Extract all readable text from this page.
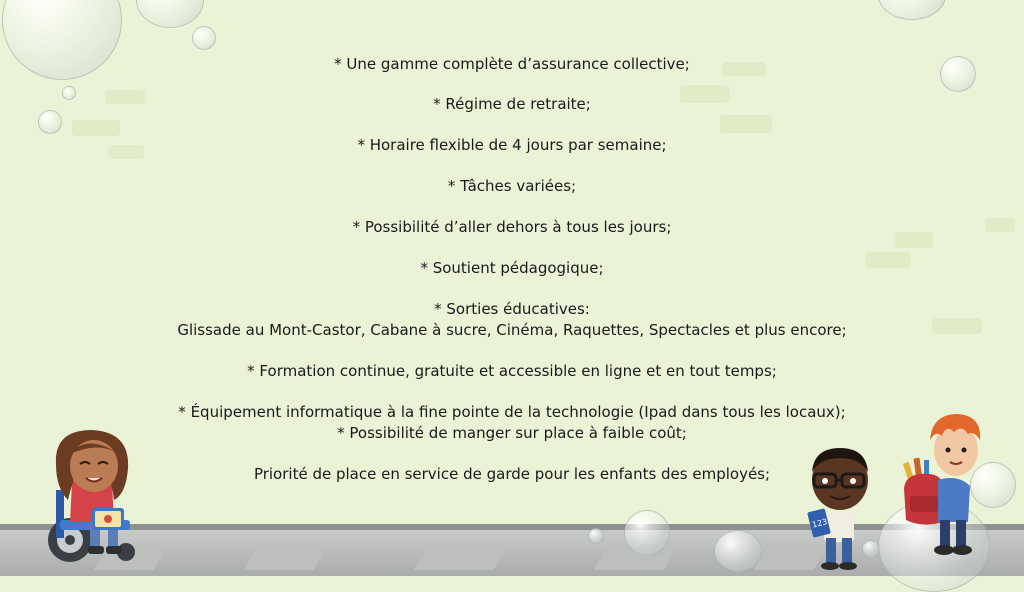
* Une gamme complète d’assurance collective;
* Régime de retraite;
* Horaire flexible de 4 jours par semaine;
* Tâches variées;
* Possibilité d’aller dehors à tous les jours;
* Soutient pédagogique;
* Sorties éducatives:
Glissade au Mont-Castor, Cabane à sucre, Cinéma, Raquettes, Spectacles et plus encore;
* Formation continue, gratuite et accessible en ligne et en tout temps;
* Équipement informatique à la fine pointe de la technologie (Ipad dans tous les locaux);
* Possibilité de manger sur place à faible coût;
Priorité de place en service de garde pour les enfants des employés;
123
